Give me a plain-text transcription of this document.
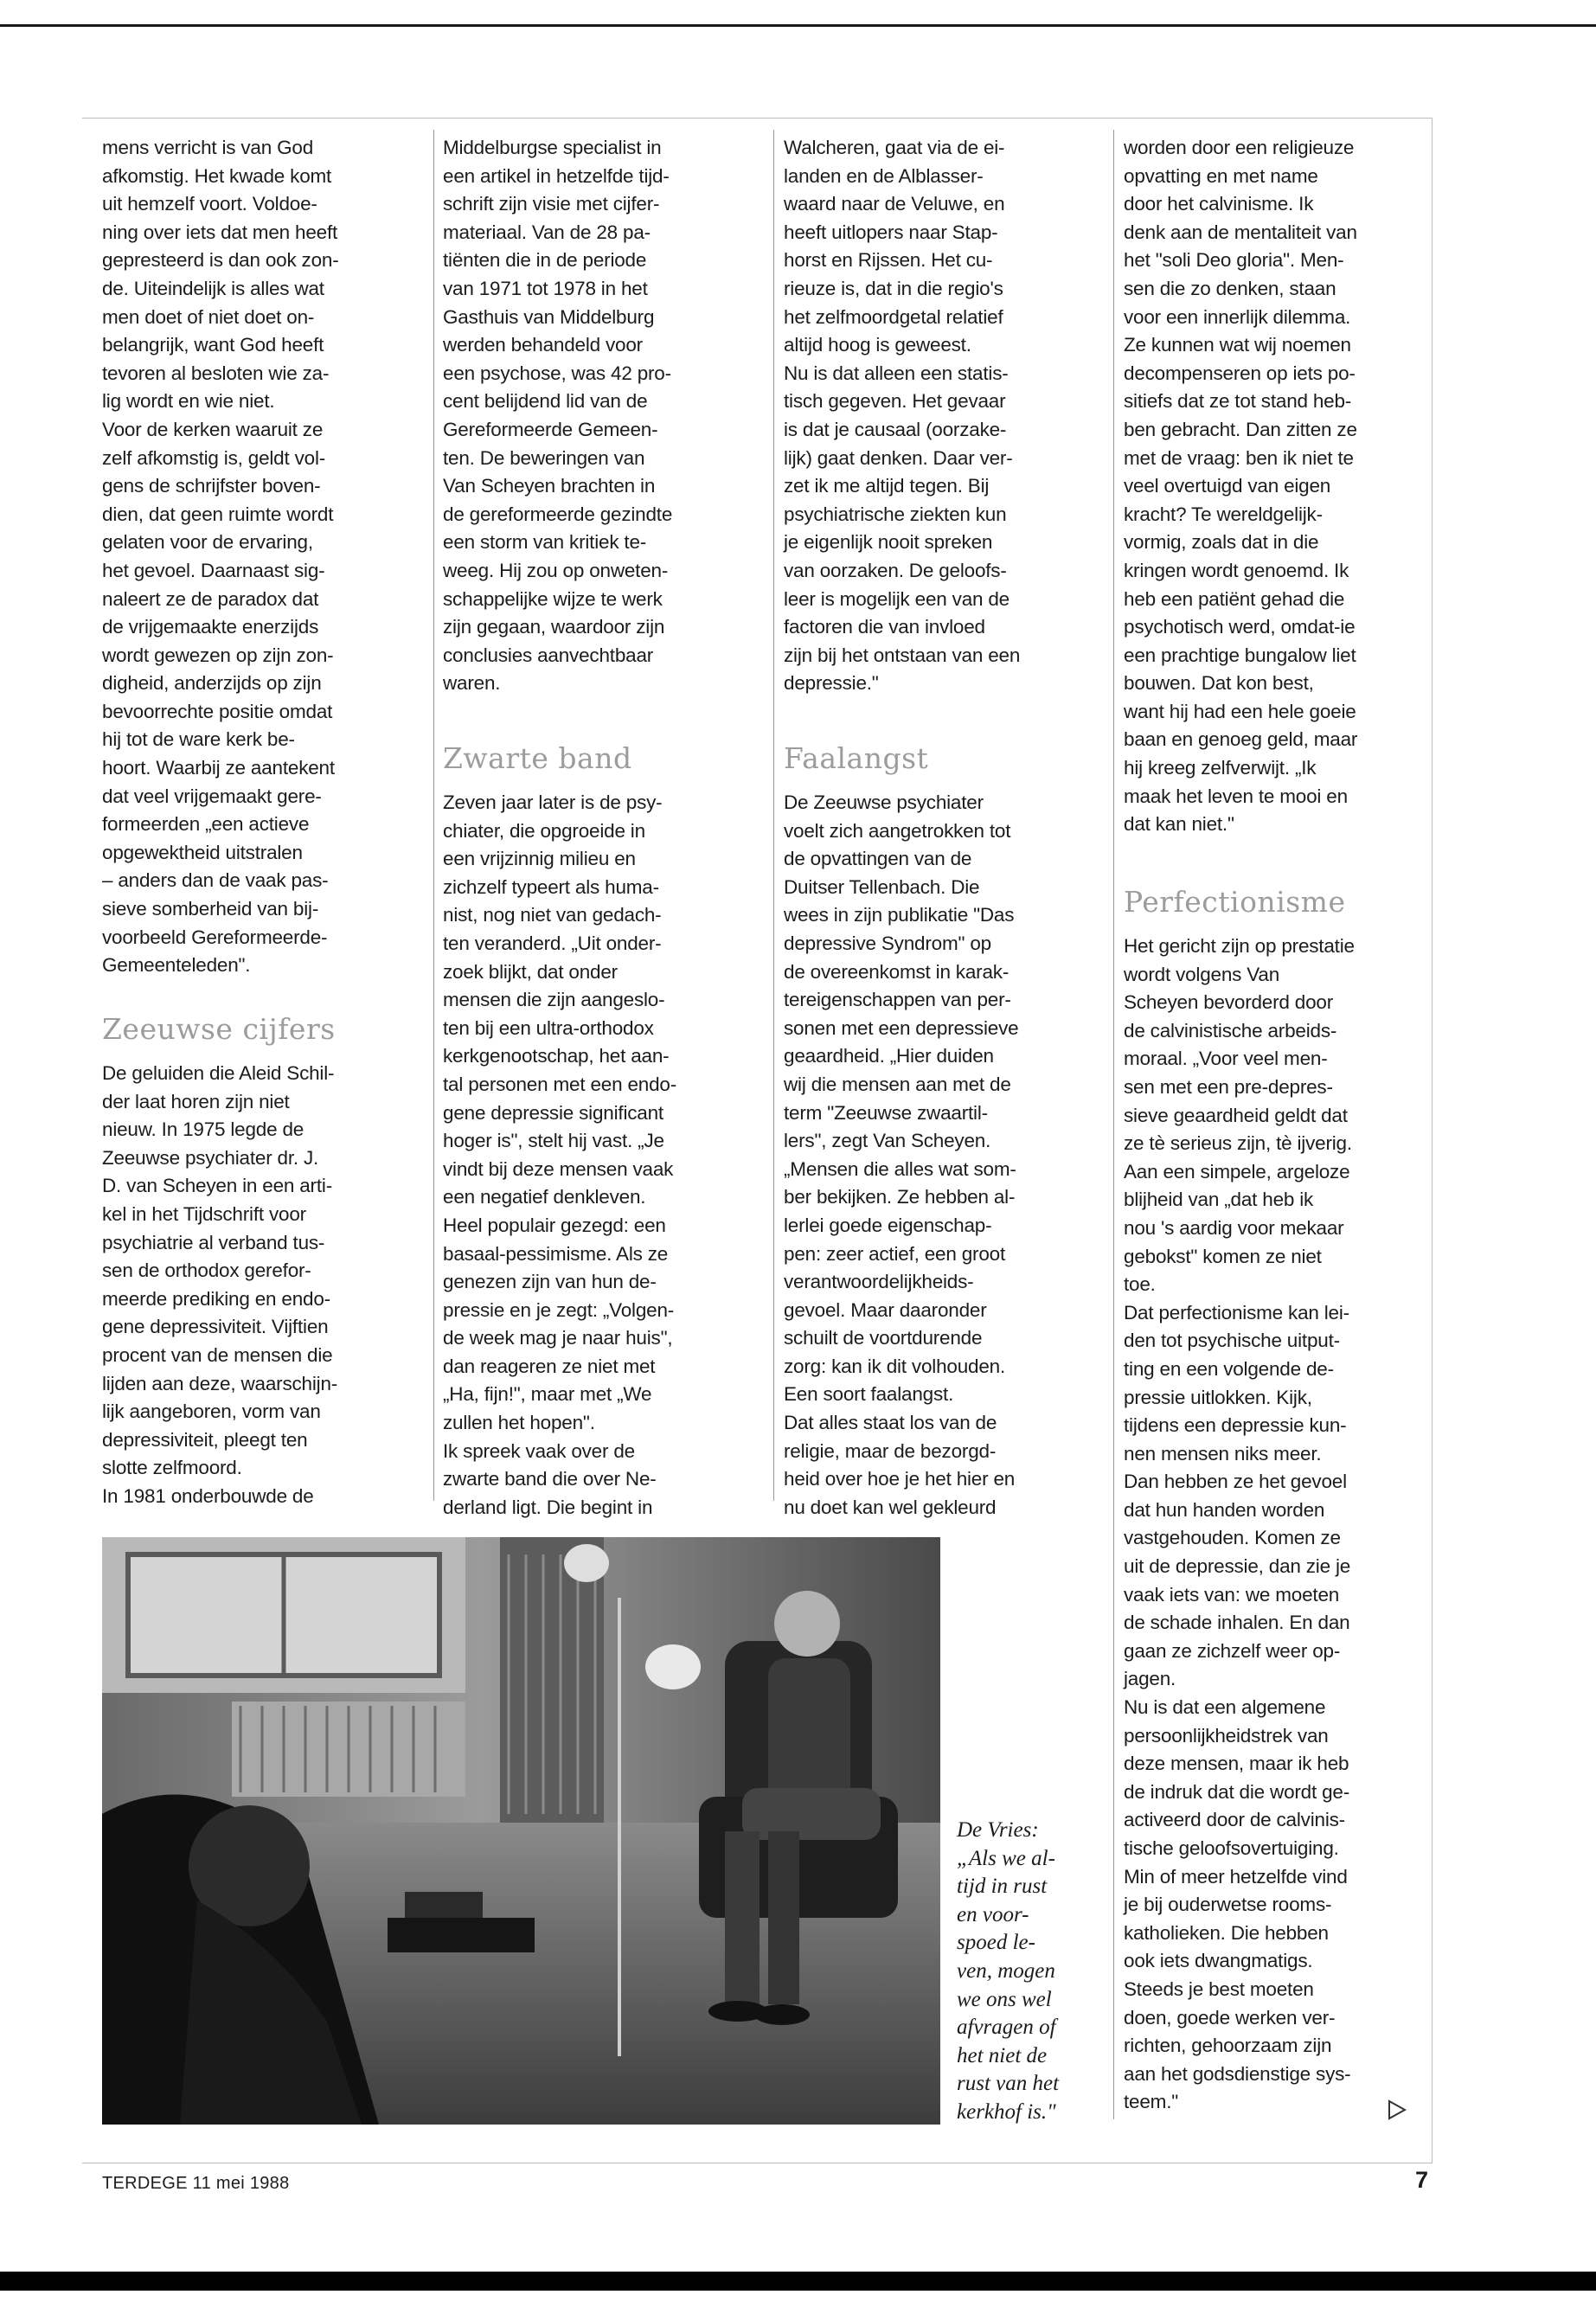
mens verricht is van God
afkomstig. Het kwade komt
uit hemzelf voort. Voldoe-
ning over iets dat men heeft
gepresteerd is dan ook zon-
de. Uiteindelijk is alles wat
men doet of niet doet on-
belangrijk, want God heeft
tevoren al besloten wie za-
lig wordt en wie niet.
Voor de kerken waaruit ze
zelf afkomstig is, geldt vol-
gens de schrijfster boven-
dien, dat geen ruimte wordt
gelaten voor de ervaring,
het gevoel. Daarnaast sig-
naleert ze de paradox dat
de vrijgemaakte enerzijds
wordt gewezen op zijn zon-
digheid, anderzijds op zijn
bevoorrechte positie omdat
hij tot de ware kerk be-
hoort. Waarbij ze aantekent
dat veel vrijgemaakt gere-
formeerden „een actieve
opgewektheid uitstralen
– anders dan de vaak pas-
sieve somberheid van bij-
voorbeeld Gereformeerde-
Gemeenteleden".
Zeeuwse cijfers
De geluiden die Aleid Schil-
der laat horen zijn niet
nieuw. In 1975 legde de
Zeeuwse psychiater dr. J.
D. van Scheyen in een arti-
kel in het Tijdschrift voor
psychiatrie al verband tus-
sen de orthodox gerefor-
meerde prediking en endo-
gene depressiviteit. Vijftien
procent van de mensen die
lijden aan deze, waarschijn-
lijk aangeboren, vorm van
depressiviteit, pleegt ten
slotte zelfmoord.
In 1981 onderbouwde de
Middelburgse specialist in
een artikel in hetzelfde tijd-
schrift zijn visie met cijfer-
materiaal. Van de 28 pa-
tiënten die in de periode
van 1971 tot 1978 in het
Gasthuis van Middelburg
werden behandeld voor
een psychose, was 42 pro-
cent belijdend lid van de
Gereformeerde Gemeen-
ten. De beweringen van
Van Scheyen brachten in
de gereformeerde gezindte
een storm van kritiek te-
weeg. Hij zou op onweten-
schappelijke wijze te werk
zijn gegaan, waardoor zijn
conclusies aanvechtbaar
waren.
Zwarte band
Zeven jaar later is de psy-
chiater, die opgroeide in
een vrijzinnig milieu en
zichzelf typeert als huma-
nist, nog niet van gedach-
ten veranderd. „Uit onder-
zoek blijkt, dat onder
mensen die zijn aangeslo-
ten bij een ultra-orthodox
kerkgenootschap, het aan-
tal personen met een endo-
gene depressie significant
hoger is", stelt hij vast. „Je
vindt bij deze mensen vaak
een negatief denkleven.
Heel populair gezegd: een
basaal-pessimisme. Als ze
genezen zijn van hun de-
pressie en je zegt: „Volgen-
de week mag je naar huis",
dan reageren ze niet met
„Ha, fijn!", maar met „We
zullen het hopen".
Ik spreek vaak over de
zwarte band die over Ne-
derland ligt. Die begint in
Walcheren, gaat via de ei-
landen en de Alblasser-
waard naar de Veluwe, en
heeft uitlopers naar Stap-
horst en Rijssen. Het cu-
rieuze is, dat in die regio's
het zelfmoordgetal relatief
altijd hoog is geweest.
Nu is dat alleen een statis-
tisch gegeven. Het gevaar
is dat je causaal (oorzake-
lijk) gaat denken. Daar ver-
zet ik me altijd tegen. Bij
psychiatrische ziekten kun
je eigenlijk nooit spreken
van oorzaken. De geloofs-
leer is mogelijk een van de
factoren die van invloed
zijn bij het ontstaan van een
depressie."
Faalangst
De Zeeuwse psychiater
voelt zich aangetrokken tot
de opvattingen van de
Duitser Tellenbach. Die
wees in zijn publikatie "Das
depressive Syndrom" op
de overeenkomst in karak-
tereigenschappen van per-
sonen met een depressieve
geaardheid. „Hier duiden
wij die mensen aan met de
term "Zeeuwse zwaartil-
lers", zegt Van Scheyen.
„Mensen die alles wat som-
ber bekijken. Ze hebben al-
lerlei goede eigenschap-
pen: zeer actief, een groot
verantwoordelijkheids-
gevoel. Maar daaronder
schuilt de voortdurende
zorg: kan ik dit volhouden.
Een soort faalangst.
Dat alles staat los van de
religie, maar de bezorgd-
heid over hoe je het hier en
nu doet kan wel gekleurd
worden door een religieuze
opvatting en met name
door het calvinisme. Ik
denk aan de mentaliteit van
het "soli Deo gloria". Men-
sen die zo denken, staan
voor een innerlijk dilemma.
Ze kunnen wat wij noemen
decompenseren op iets po-
sitiefs dat ze tot stand heb-
ben gebracht. Dan zitten ze
met de vraag: ben ik niet te
veel overtuigd van eigen
kracht? Te wereldgelijk-
vormig, zoals dat in die
kringen wordt genoemd. Ik
heb een patiënt gehad die
psychotisch werd, omdat-ie
een prachtige bungalow liet
bouwen. Dat kon best,
want hij had een hele goeie
baan en genoeg geld, maar
hij kreeg zelfverwijt. „Ik
maak het leven te mooi en
dat kan niet."
Perfectionisme
Het gericht zijn op prestatie
wordt volgens Van
Scheyen bevorderd door
de calvinistische arbeids-
moraal. „Voor veel men-
sen met een pre-depres-
sieve geaardheid geldt dat
ze tè serieus zijn, tè ijverig.
Aan een simpele, argeloze
blijheid van „dat heb ik
nou 's aardig voor mekaar
gebokst" komen ze niet
toe.
Dat perfectionisme kan lei-
den tot psychische uitput-
ting en een volgende de-
pressie uitlokken. Kijk,
tijdens een depressie kun-
nen mensen niks meer.
Dan hebben ze het gevoel
dat hun handen worden
vastgehouden. Komen ze
uit de depressie, dan zie je
vaak iets van: we moeten
de schade inhalen. En dan
gaan ze zichzelf weer op-
jagen.
Nu is dat een algemene
persoonlijkheidstrek van
deze mensen, maar ik heb
de indruk dat die wordt ge-
activeerd door de calvinis-
tische geloofsovertuiging.
Min of meer hetzelfde vind
je bij ouderwetse rooms-
katholieken. Die hebben
ook iets dwangmatigs.
Steeds je best moeten
doen, goede werken ver-
richten, gehoorzaam zijn
aan het godsdienstige sys-
teem."
De Vries:
„Als we al-
tijd in rust
en voor-
spoed le-
ven, mogen
we ons wel
afvragen of
het niet de
rust van het
kerkhof is."
TERDEGE 11 mei 1988	7
